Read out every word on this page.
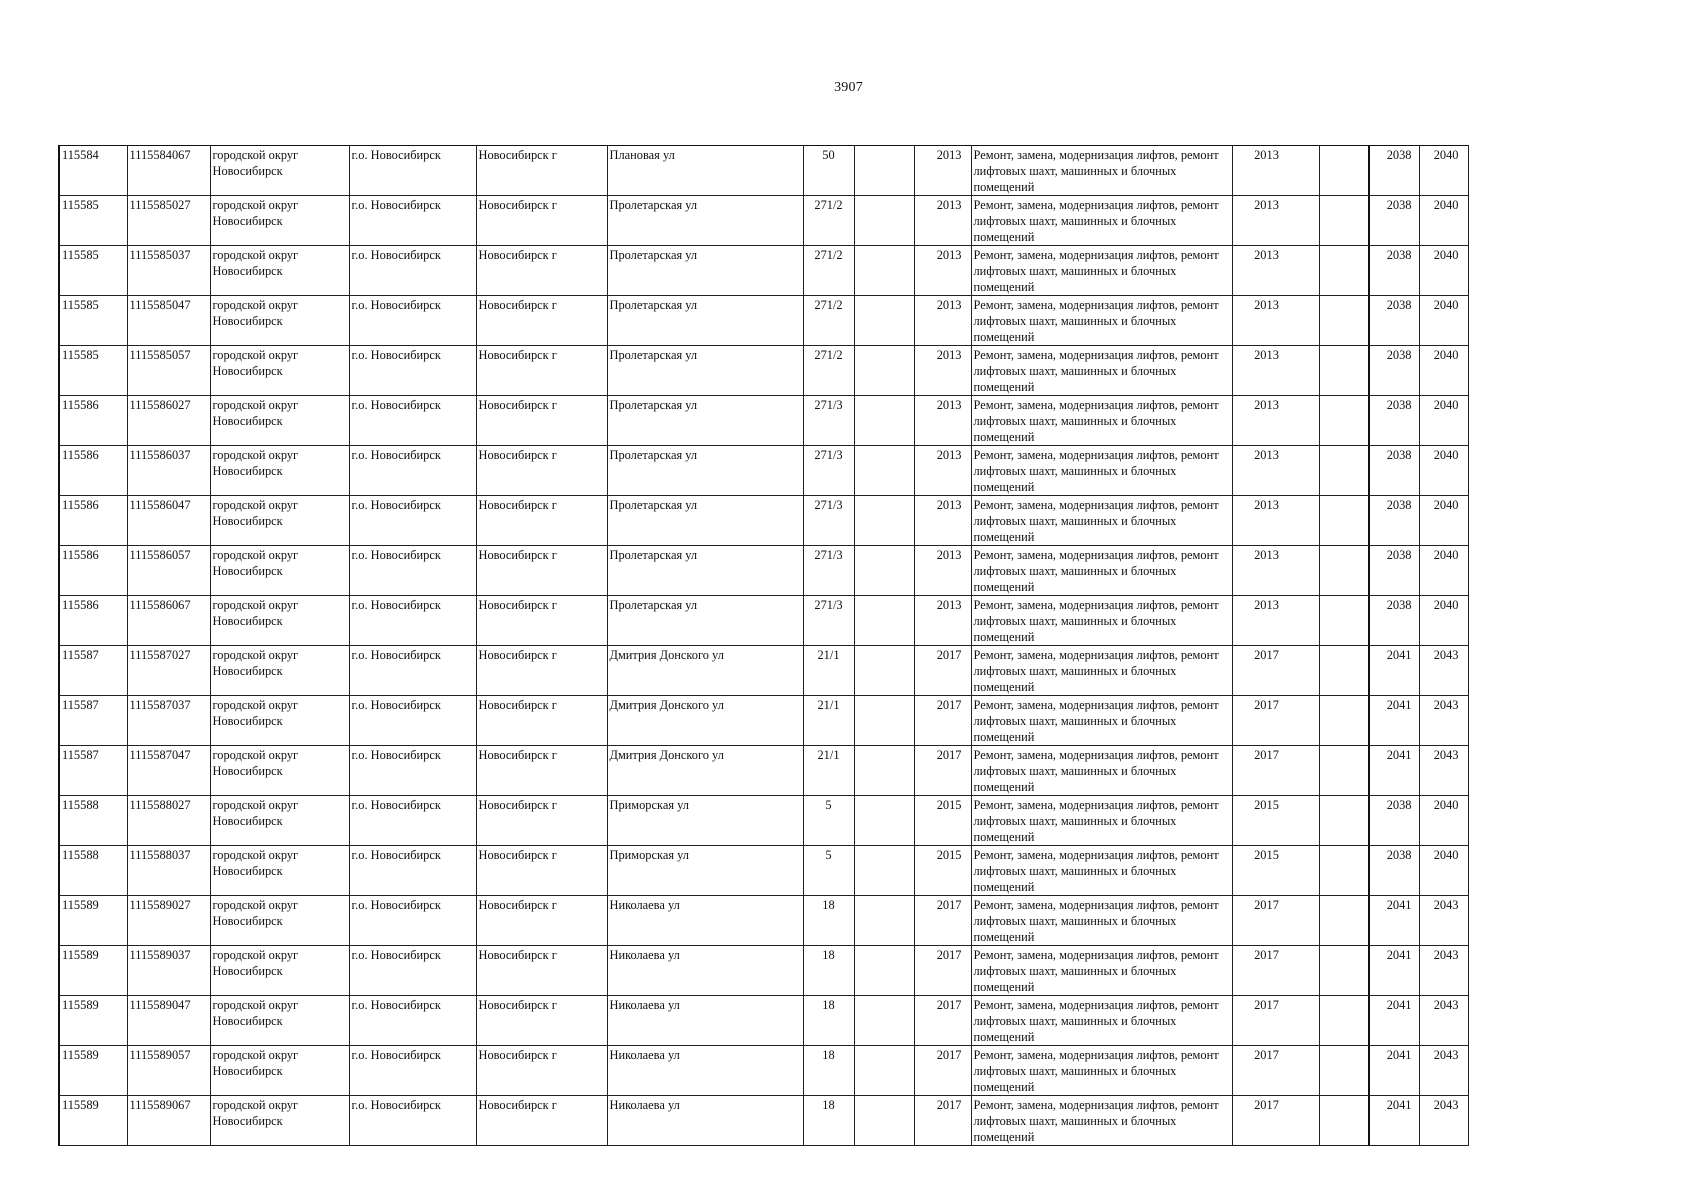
3907
115584	1115584067	городской округ Новосибирск	г.о. Новосибирск	Новосибирск г	Плановая ул	50		2013	Ремонт, замена, модернизация лифтов, ремонт лифтовых шахт, машинных и блочных помещений	2013		2038	2040
115585	1115585027	городской округ Новосибирск	г.о. Новосибирск	Новосибирск г	Пролетарская ул	271/2		2013	Ремонт, замена, модернизация лифтов, ремонт лифтовых шахт, машинных и блочных помещений	2013		2038	2040
115585	1115585037	городской округ Новосибирск	г.о. Новосибирск	Новосибирск г	Пролетарская ул	271/2		2013	Ремонт, замена, модернизация лифтов, ремонт лифтовых шахт, машинных и блочных помещений	2013		2038	2040
115585	1115585047	городской округ Новосибирск	г.о. Новосибирск	Новосибирск г	Пролетарская ул	271/2		2013	Ремонт, замена, модернизация лифтов, ремонт лифтовых шахт, машинных и блочных помещений	2013		2038	2040
115585	1115585057	городской округ Новосибирск	г.о. Новосибирск	Новосибирск г	Пролетарская ул	271/2		2013	Ремонт, замена, модернизация лифтов, ремонт лифтовых шахт, машинных и блочных помещений	2013		2038	2040
115586	1115586027	городской округ Новосибирск	г.о. Новосибирск	Новосибирск г	Пролетарская ул	271/3		2013	Ремонт, замена, модернизация лифтов, ремонт лифтовых шахт, машинных и блочных помещений	2013		2038	2040
115586	1115586037	городской округ Новосибирск	г.о. Новосибирск	Новосибирск г	Пролетарская ул	271/3		2013	Ремонт, замена, модернизация лифтов, ремонт лифтовых шахт, машинных и блочных помещений	2013		2038	2040
115586	1115586047	городской округ Новосибирск	г.о. Новосибирск	Новосибирск г	Пролетарская ул	271/3		2013	Ремонт, замена, модернизация лифтов, ремонт лифтовых шахт, машинных и блочных помещений	2013		2038	2040
115586	1115586057	городской округ Новосибирск	г.о. Новосибирск	Новосибирск г	Пролетарская ул	271/3		2013	Ремонт, замена, модернизация лифтов, ремонт лифтовых шахт, машинных и блочных помещений	2013		2038	2040
115586	1115586067	городской округ Новосибирск	г.о. Новосибирск	Новосибирск г	Пролетарская ул	271/3		2013	Ремонт, замена, модернизация лифтов, ремонт лифтовых шахт, машинных и блочных помещений	2013		2038	2040
115587	1115587027	городской округ Новосибирск	г.о. Новосибирск	Новосибирск г	Дмитрия Донского ул	21/1		2017	Ремонт, замена, модернизация лифтов, ремонт лифтовых шахт, машинных и блочных помещений	2017		2041	2043
115587	1115587037	городской округ Новосибирск	г.о. Новосибирск	Новосибирск г	Дмитрия Донского ул	21/1		2017	Ремонт, замена, модернизация лифтов, ремонт лифтовых шахт, машинных и блочных помещений	2017		2041	2043
115587	1115587047	городской округ Новосибирск	г.о. Новосибирск	Новосибирск г	Дмитрия Донского ул	21/1		2017	Ремонт, замена, модернизация лифтов, ремонт лифтовых шахт, машинных и блочных помещений	2017		2041	2043
115588	1115588027	городской округ Новосибирск	г.о. Новосибирск	Новосибирск г	Приморская ул	5		2015	Ремонт, замена, модернизация лифтов, ремонт лифтовых шахт, машинных и блочных помещений	2015		2038	2040
115588	1115588037	городской округ Новосибирск	г.о. Новосибирск	Новосибирск г	Приморская ул	5		2015	Ремонт, замена, модернизация лифтов, ремонт лифтовых шахт, машинных и блочных помещений	2015		2038	2040
115589	1115589027	городской округ Новосибирск	г.о. Новосибирск	Новосибирск г	Николаева ул	18		2017	Ремонт, замена, модернизация лифтов, ремонт лифтовых шахт, машинных и блочных помещений	2017		2041	2043
115589	1115589037	городской округ Новосибирск	г.о. Новосибирск	Новосибирск г	Николаева ул	18		2017	Ремонт, замена, модернизация лифтов, ремонт лифтовых шахт, машинных и блочных помещений	2017		2041	2043
115589	1115589047	городской округ Новосибирск	г.о. Новосибирск	Новосибирск г	Николаева ул	18		2017	Ремонт, замена, модернизация лифтов, ремонт лифтовых шахт, машинных и блочных помещений	2017		2041	2043
115589	1115589057	городской округ Новосибирск	г.о. Новосибирск	Новосибирск г	Николаева ул	18		2017	Ремонт, замена, модернизация лифтов, ремонт лифтовых шахт, машинных и блочных помещений	2017		2041	2043
115589	1115589067	городской округ Новосибирск	г.о. Новосибирск	Новосибирск г	Николаева ул	18		2017	Ремонт, замена, модернизация лифтов, ремонт лифтовых шахт, машинных и блочных помещений	2017		2041	2043
